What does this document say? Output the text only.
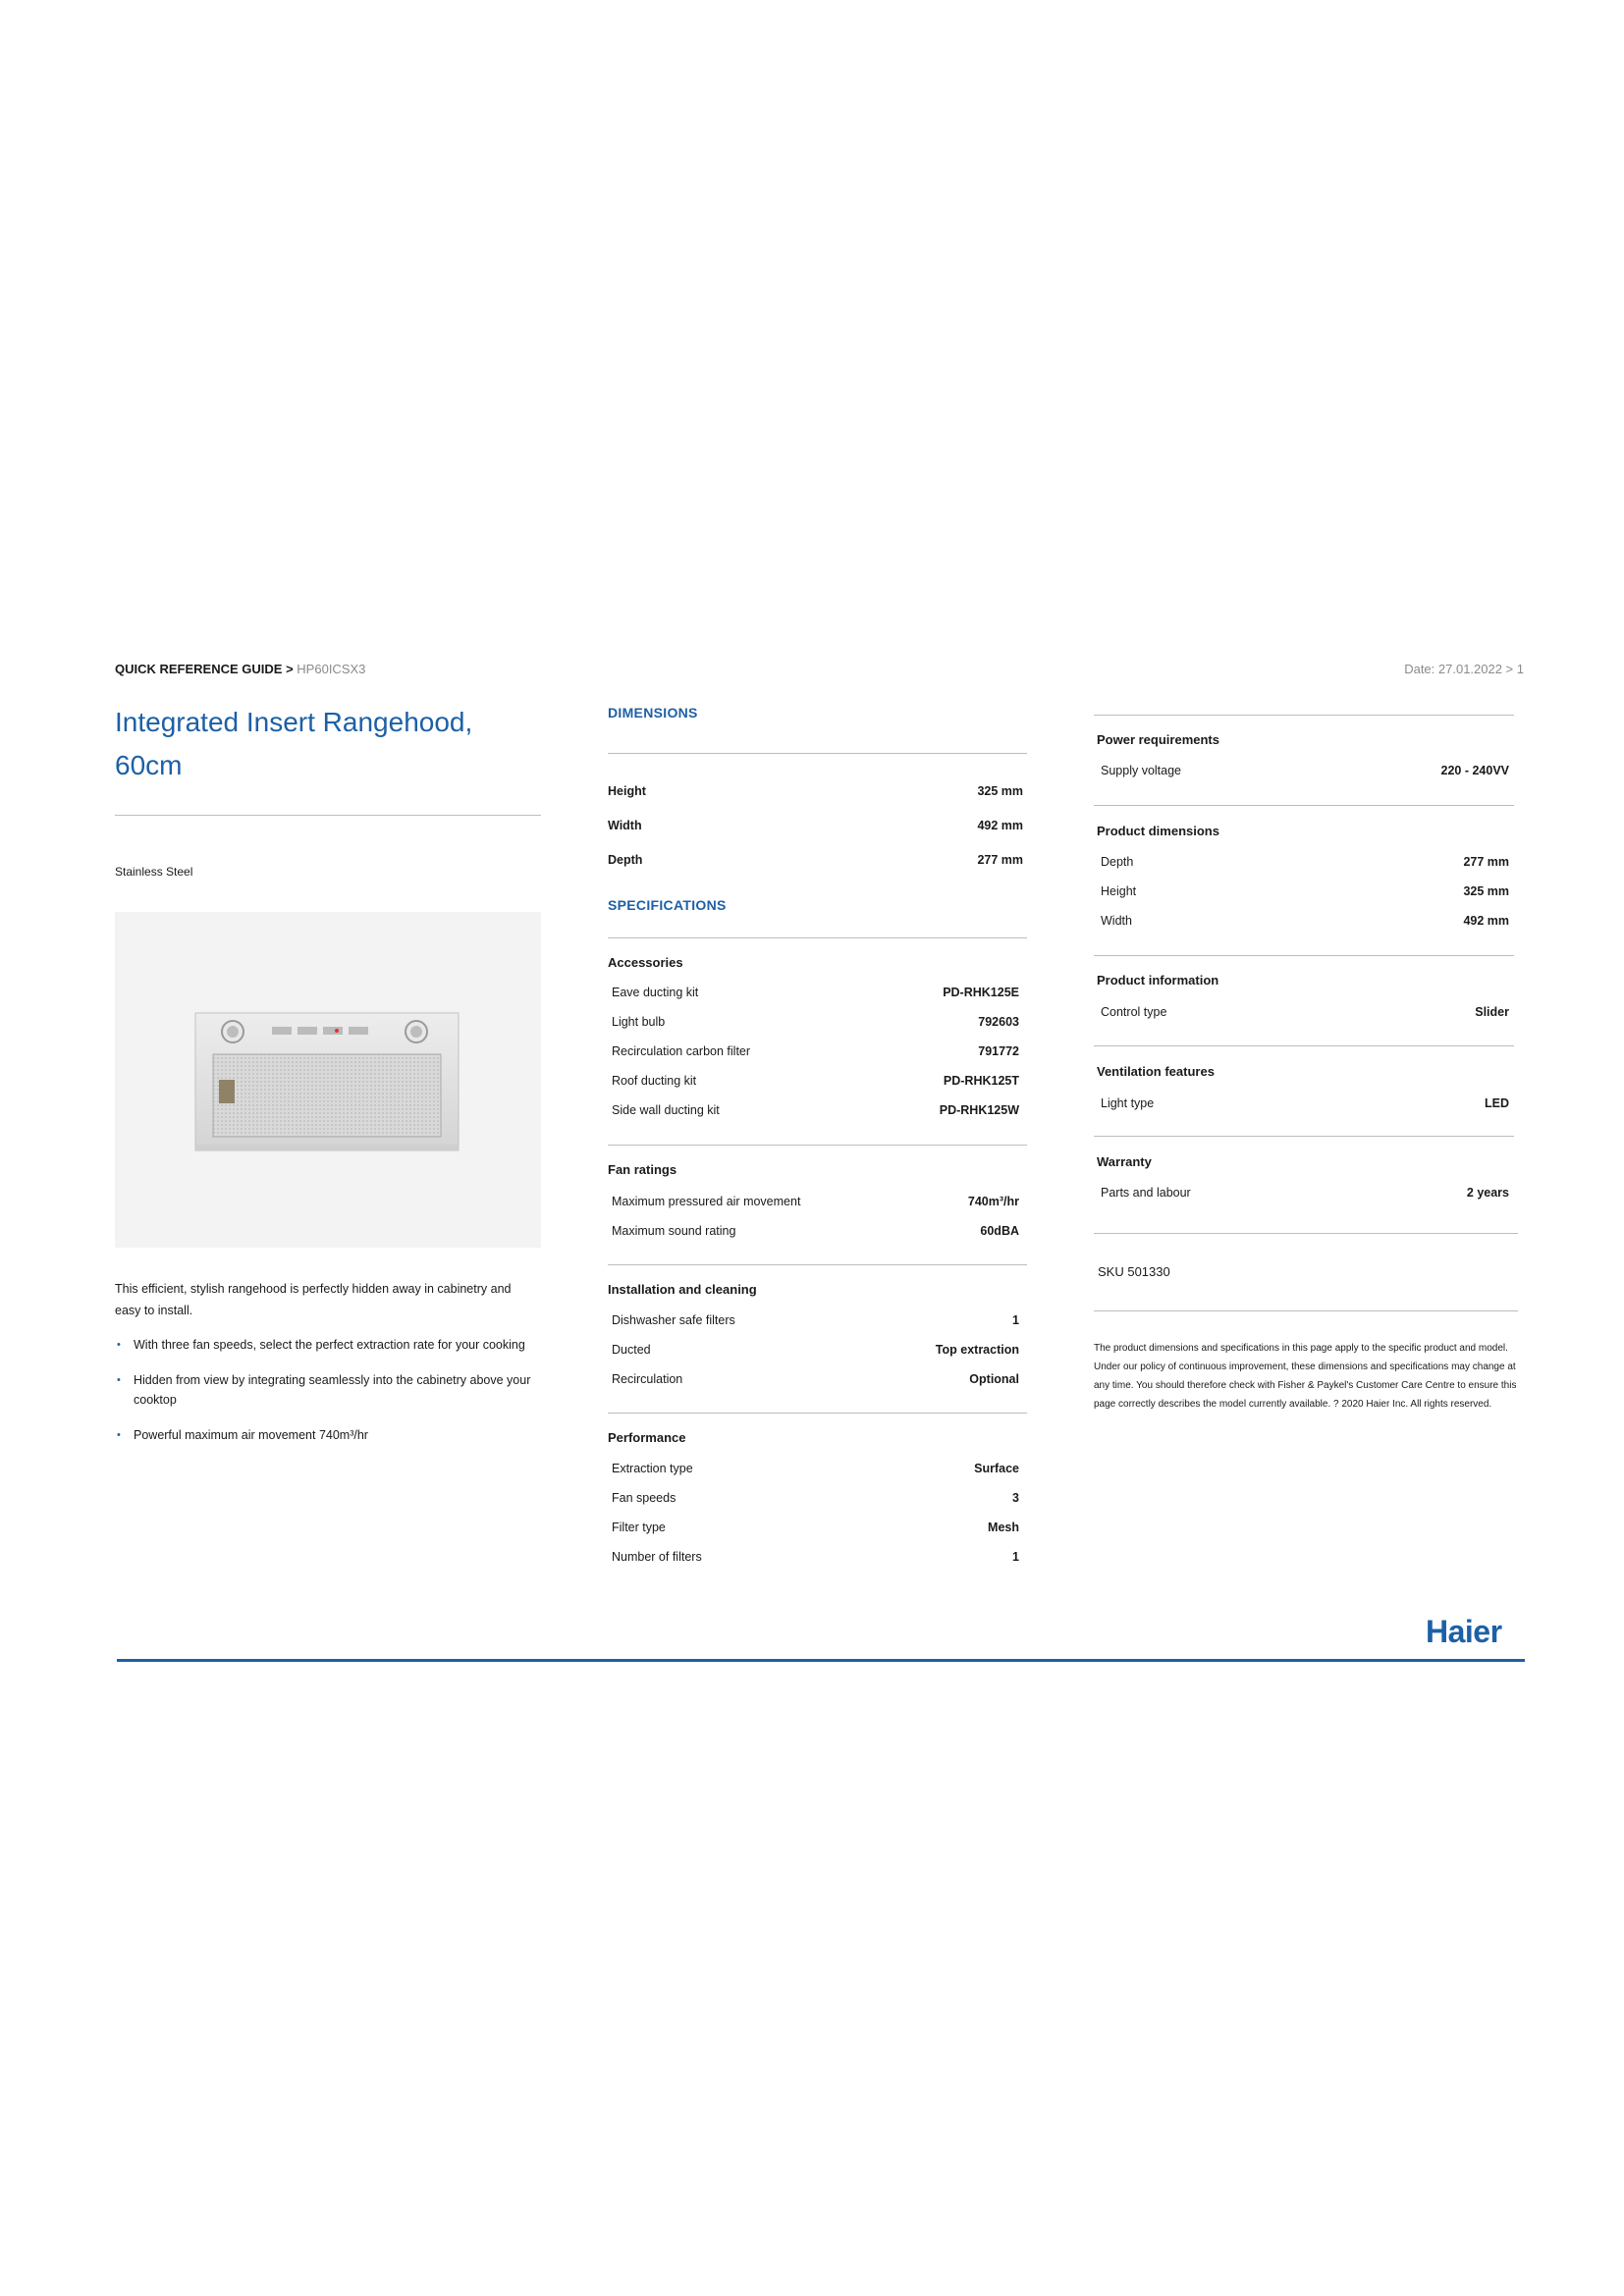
QUICK REFERENCE GUIDE > HP60ICSX3	Date: 27.01.2022 > 1
Integrated Insert Rangehood,
60cm
Stainless Steel
This efficient, stylish rangehood is perfectly hidden away in cabinetry and easy to install.
• With three fan speeds, select the perfect extraction rate for your cooking
• Hidden from view by integrating seamlessly into the cabinetry above your cooktop
• Powerful maximum air movement 740m³/hr
DIMENSIONS
Height	325 mm
Width	492 mm
Depth	277 mm
SPECIFICATIONS
Accessories
Eave ducting kit	PD-RHK125E
Light bulb	792603
Recirculation carbon filter	791772
Roof ducting kit	PD-RHK125T
Side wall ducting kit	PD-RHK125W
Fan ratings
Maximum pressured air movement	740m³/hr
Maximum sound rating	60dBA
Installation and cleaning
Dishwasher safe filters	1
Ducted	Top extraction
Recirculation	Optional
Performance
Extraction type	Surface
Fan speeds	3
Filter type	Mesh
Number of filters	1
Power requirements
Supply voltage	220 - 240VV
Product dimensions
Depth	277 mm
Height	325 mm
Width	492 mm
Product information
Control type	Slider
Ventilation features
Light type	LED
Warranty
Parts and labour	2 years
SKU 501330
The product dimensions and specifications in this page apply to the specific product and model. Under our policy of continuous improvement, these dimensions and specifications may change at any time. You should therefore check with Fisher & Paykel's Customer Care Centre to ensure this page correctly describes the model currently available. ? 2020 Haier Inc. All rights reserved.
Haier
